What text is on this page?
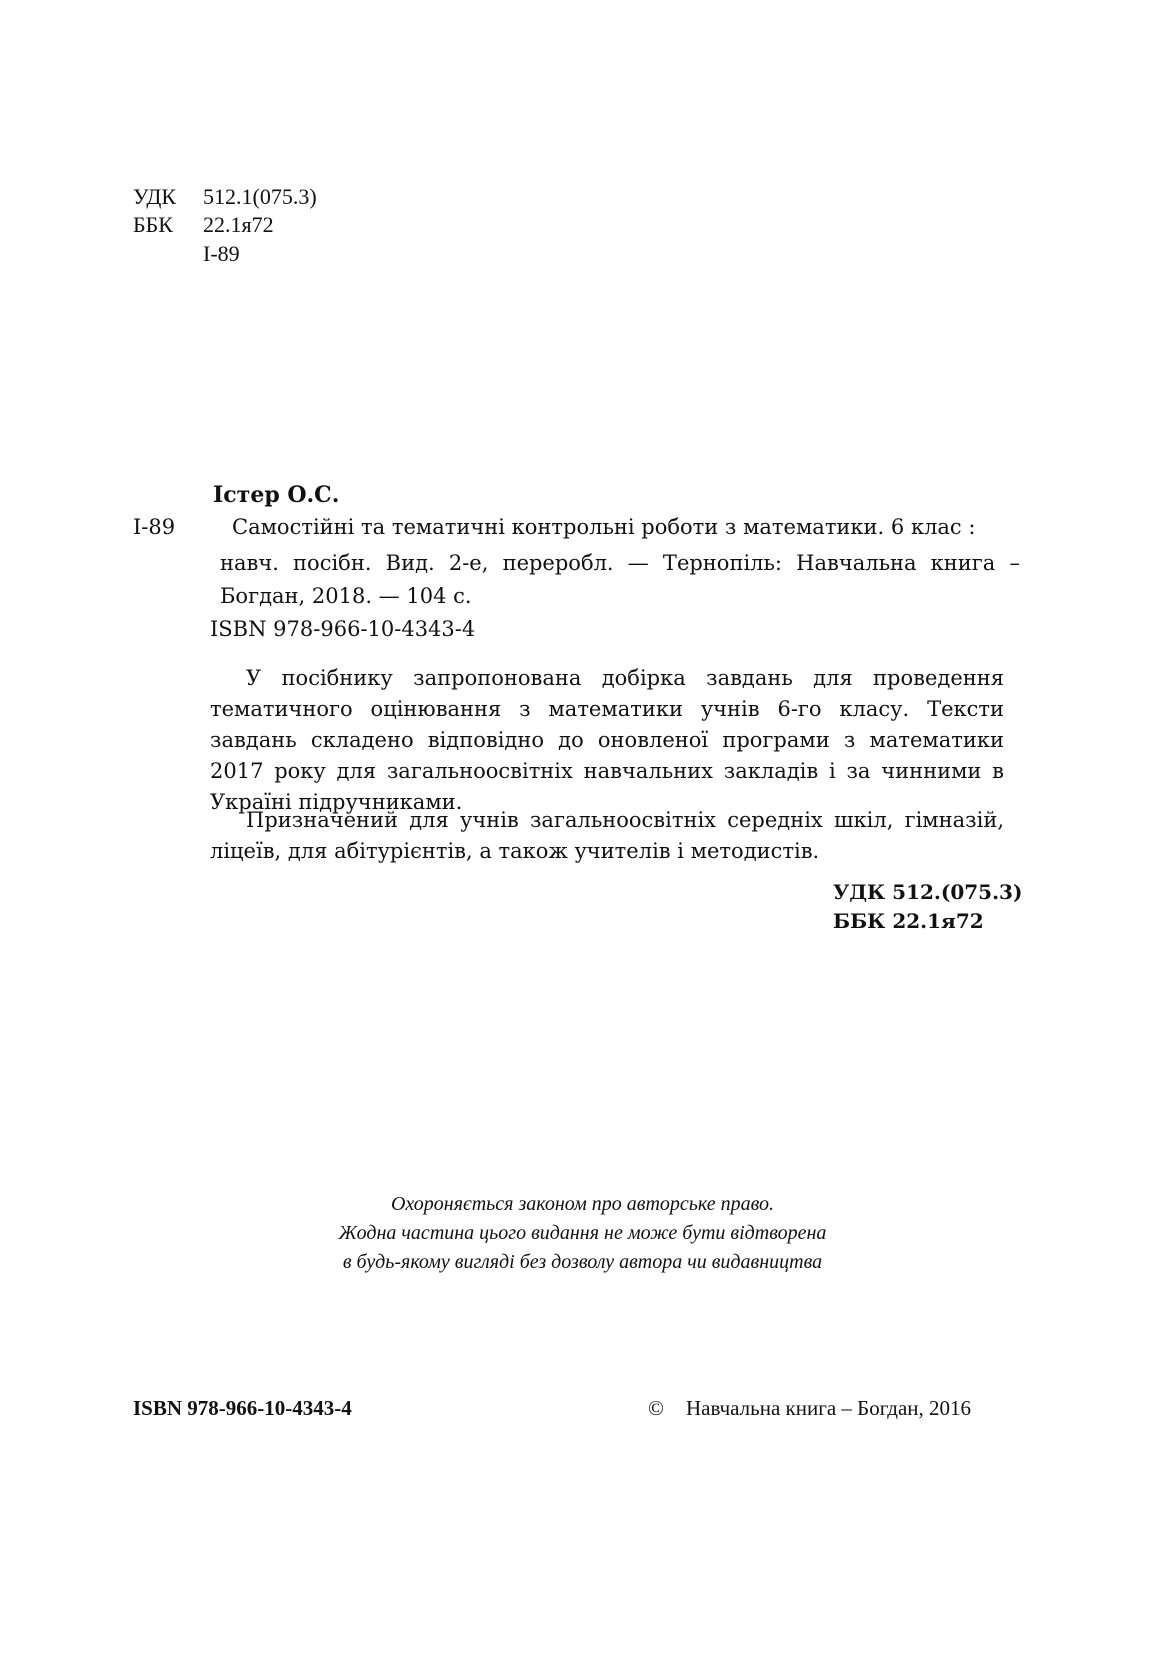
УДК 512.1(075.3)
ББК 22.1я72
І-89
Істер О.С.
І-89	Самостійні та тематичні контрольні роботи з математики. 6 клас :
навч. посібн. Вид. 2-е, переробл. — Тернопіль: Навчальна книга – Богдан, 2018. — 104 с.
ISBN 978-966-10-4343-4
У посібнику запропонована добірка завдань для проведення тематичного оцінювання з математики учнів 6-го класу. Тексти завдань складено відповідно до оновленої програми з математики 2017 року для загальноосвітніх навчальних закладів і за чинними в Україні підручниками.
Призначений для учнів загальноосвітніх середніх шкіл, гімназій, ліцеїв, для абітурієнтів, а також учителів і методистів.
УДК 512.(075.3)
ББК 22.1я72
Охороняється законом про авторське право.
Жодна частина цього видання не може бути відтворена
в будь-якому вигляді без дозволу автора чи видавництва
ISBN 978-966-10-4343-4	© Навчальна книга – Богдан, 2016
